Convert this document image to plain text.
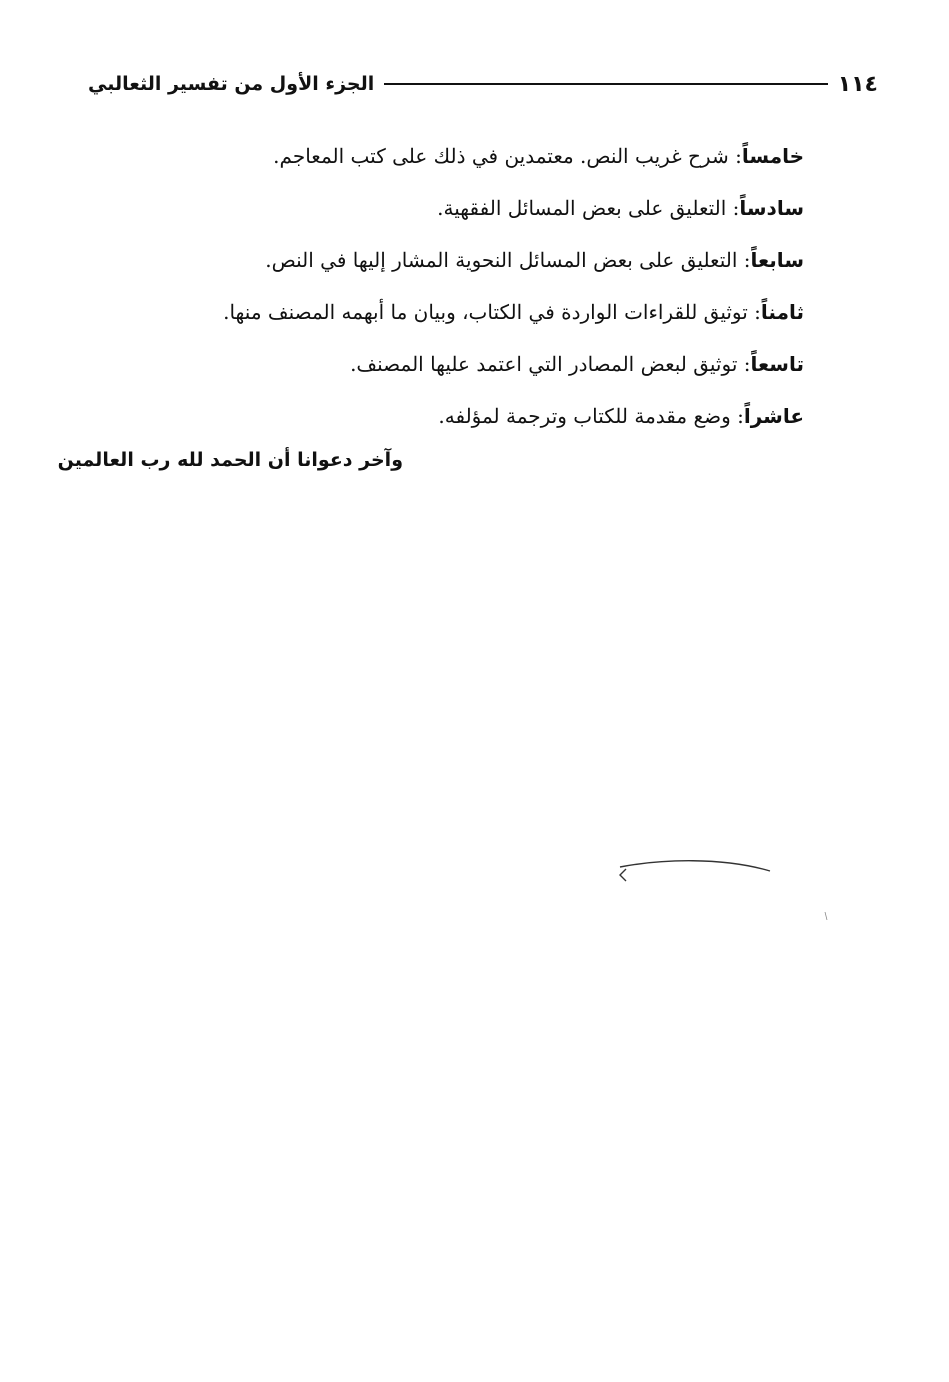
١١٤
الجزء الأول من تفسير الثعالبي
خامساً: شرح غريب النص. معتمدين في ذلك على كتب المعاجم.
سادساً: التعليق على بعض المسائل الفقهية.
سابعاً: التعليق على بعض المسائل النحوية المشار إليها في النص.
ثامناً: توثيق للقراءات الواردة في الكتاب، وبيان ما أبهمه المصنف منها.
تاسعاً: توثيق لبعض المصادر التي اعتمد عليها المصنف.
عاشراً: وضع مقدمة للكتاب وترجمة لمؤلفه.
وآخر دعوانا أن الحمد لله رب العالمين
